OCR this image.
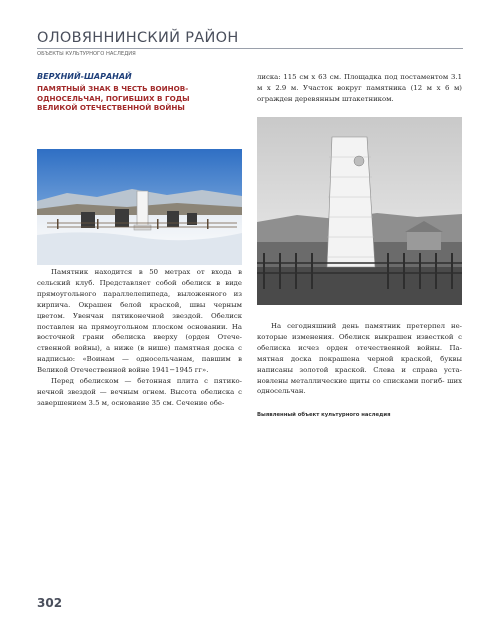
ОЛОВЯННИНСКИЙ РАЙОН
ОБЪЕКТЫ КУЛЬТУРНОГО НАСЛЕДИЯ
ВЕРХНИЙ-ШАРАНАЙ
ПАМЯТНЫЙ ЗНАК В ЧЕСТЬ ВОИНОВ-
ОДНОСЕЛЬЧАН, ПОГИБШИХ В ГОДЫ
ВЕЛИКОЙ ОТЕЧЕСТВЕННОЙ ВОЙНЫ

Памятник находится в 50 метрах от входа в сельский клуб. Представляет собой обелиск в виде прямоугольного параллелепипеда, выложенного из кирпича. Окрашен белой краской, швы черным цветом. Увенчан пятиконечной звездой. Обелиск поставлен на прямоугольном плоском основании. На восточной грани обелиска вверху (орден Отече- ственной войны), а ниже (в нише) памятная доска с надписью: «Воинам — односельчанам, павшим в Великой Отечественной войне 1941−1945 гг».

Перед обелиском — бетонная плита с пятико- нечной звездой — вечным огнем. Высота обелиска с завершением 3.5 м, основание 35 см. Сечение обе-

лиска: 115 см х 63 см. Площадка под постаментом 3.1 м х 2.9 м. Участок вокруг памятника (12 м х 6 м) огражден деревянным штакетником.

На сегодняшний день памятник претерпел не- которые изменения. Обелиск выкрашен известкой с обелиска исчез орден отечественной войны. Па- мятная доска покрашена черной краской, буквы написаны золотой краской. Слева и справа уста- новлены металлические щиты со списками погиб- ших односельчан.

Выявленный объект культурного наследия
302
